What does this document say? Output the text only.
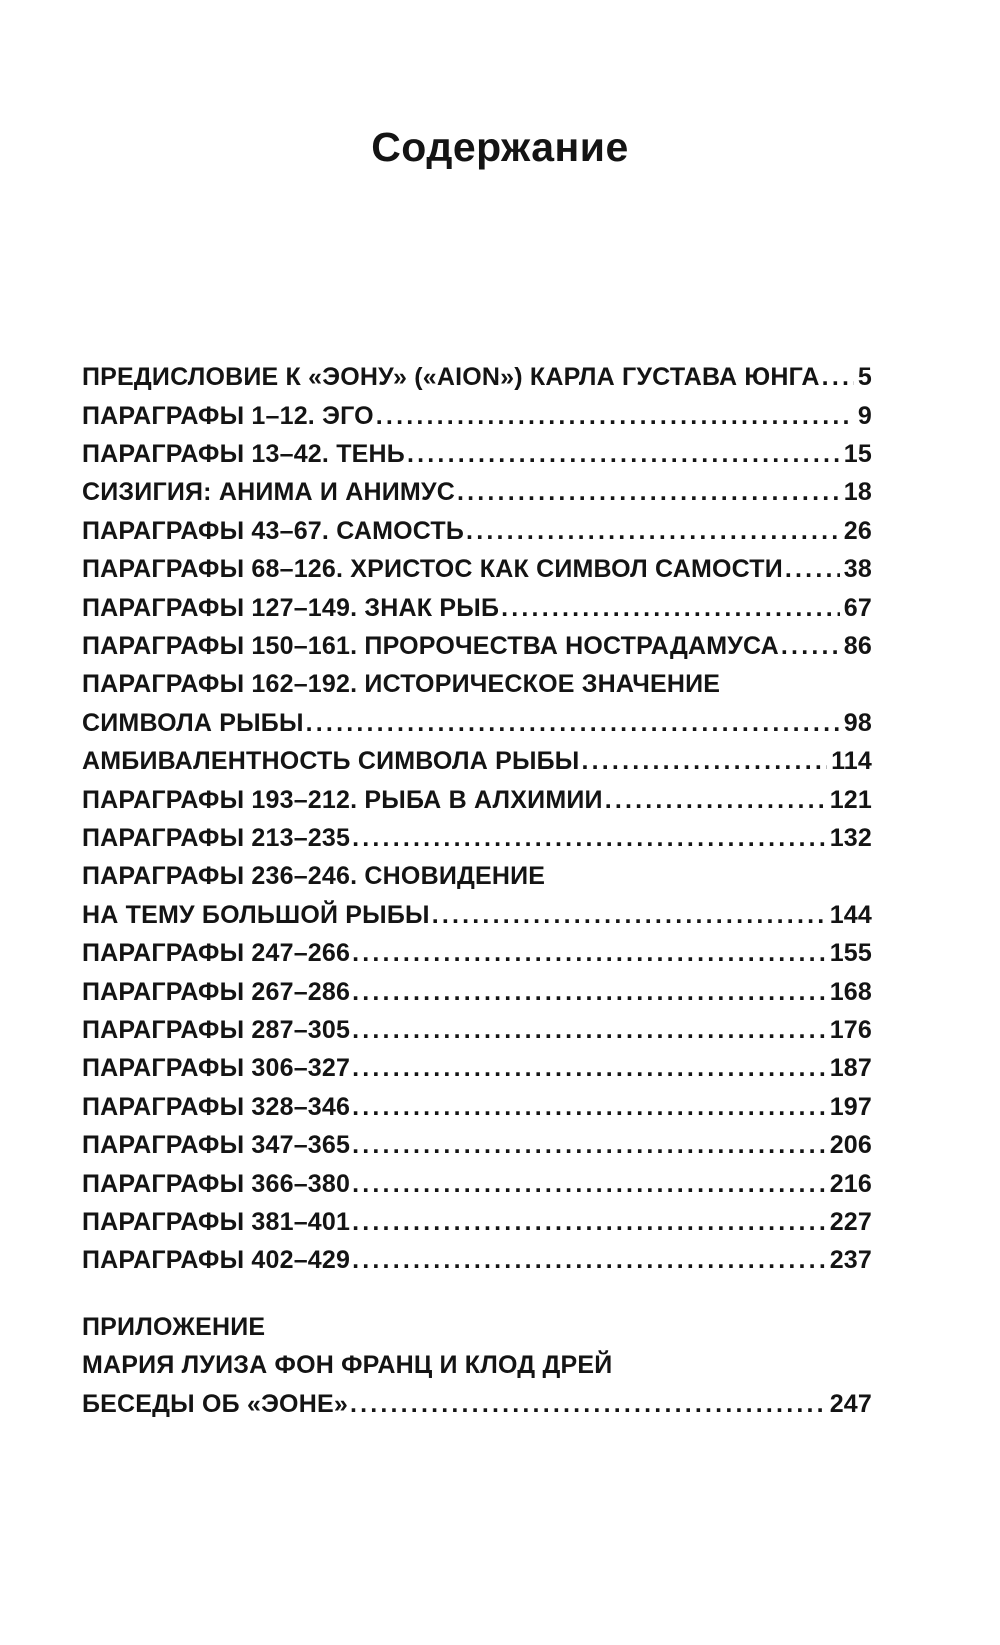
Содержание
ПРЕДИСЛОВИЕ К «ЭОНУ» («AION») КАРЛА ГУСТАВА ЮНГА ..... 5
ПАРАГРАФЫ 1–12. ЭГО .....	9
ПАРАГРАФЫ 13–42. ТЕНЬ .....	15
СИЗИГИЯ: АНИМА И АНИМУС .....	18
ПАРАГРАФЫ 43–67. САМОСТЬ .....	26
ПАРАГРАФЫ 68–126. ХРИСТОС КАК СИМВОЛ САМОСТИ ..... 38
ПАРАГРАФЫ 127–149. ЗНАК РЫБ .....	67
ПАРАГРАФЫ 150–161. ПРОРОЧЕСТВА НОСТРАДАМУСА .....	86
ПАРАГРАФЫ 162–192. ИСТОРИЧЕСКОЕ ЗНАЧЕНИЕ
СИМВОЛА РЫБЫ .....	98
АМБИВАЛЕНТНОСТЬ СИМВОЛА РЫБЫ .....	114
ПАРАГРАФЫ 193–212. РЫБА В АЛХИМИИ .....	121
ПАРАГРАФЫ 213–235 .....	132
ПАРАГРАФЫ 236–246. СНОВИДЕНИЕ
НА ТЕМУ БОЛЬШОЙ РЫБЫ .....	144
ПАРАГРАФЫ 247–266 .....	155
ПАРАГРАФЫ 267–286 .....	168
ПАРАГРАФЫ 287–305 .....	176
ПАРАГРАФЫ 306–327 .....	187
ПАРАГРАФЫ 328–346 .....	197
ПАРАГРАФЫ 347–365 .....	206
ПАРАГРАФЫ 366–380 .....	216
ПАРАГРАФЫ 381–401 .....	227
ПАРАГРАФЫ 402–429 .....	237
ПРИЛОЖЕНИЕ
МАРИЯ ЛУИЗА ФОН ФРАНЦ И КЛОД ДРЕЙ
БЕСЕДЫ ОБ «ЭОНЕ» .....	247
